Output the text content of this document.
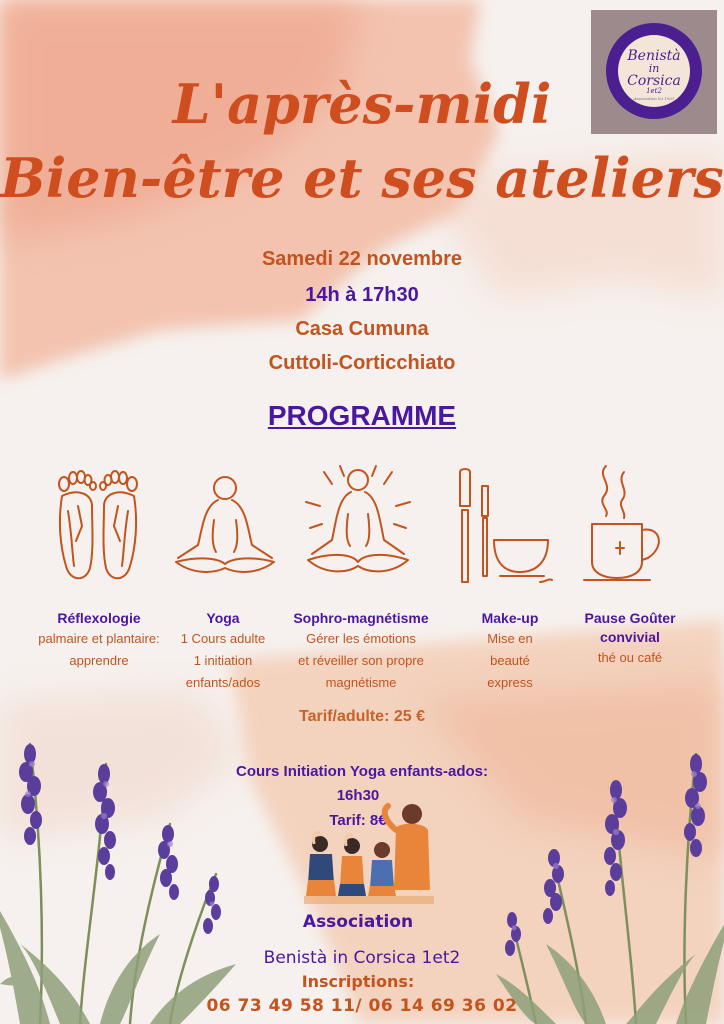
Benistà
in
Corsica
1et2
Association loi 1901
L'après-midi
Bien-être et ses ateliers
Samedi 22 novembre
14h à 17h30
Casa Cumuna
Cuttoli-Corticchiato
PROGRAMME
Réflexologie
palmaire et plantaire:
apprendre
Yoga
1 Cours adulte
1 initiation
enfants/ados
Sophro-magnétisme
Gérer les émotions
et réveiller son propre
magnétisme
Make-up
Mise en
beauté
express
Pause Goûter
convivial
thé ou café
Tarif/adulte: 25 €
Cours Initiation Yoga enfants-ados:
16h30
Tarif: 8€
Association
Benistà in Corsica 1et2
Inscriptions:
06 73 49 58 11/ 06 14 69 36 02
